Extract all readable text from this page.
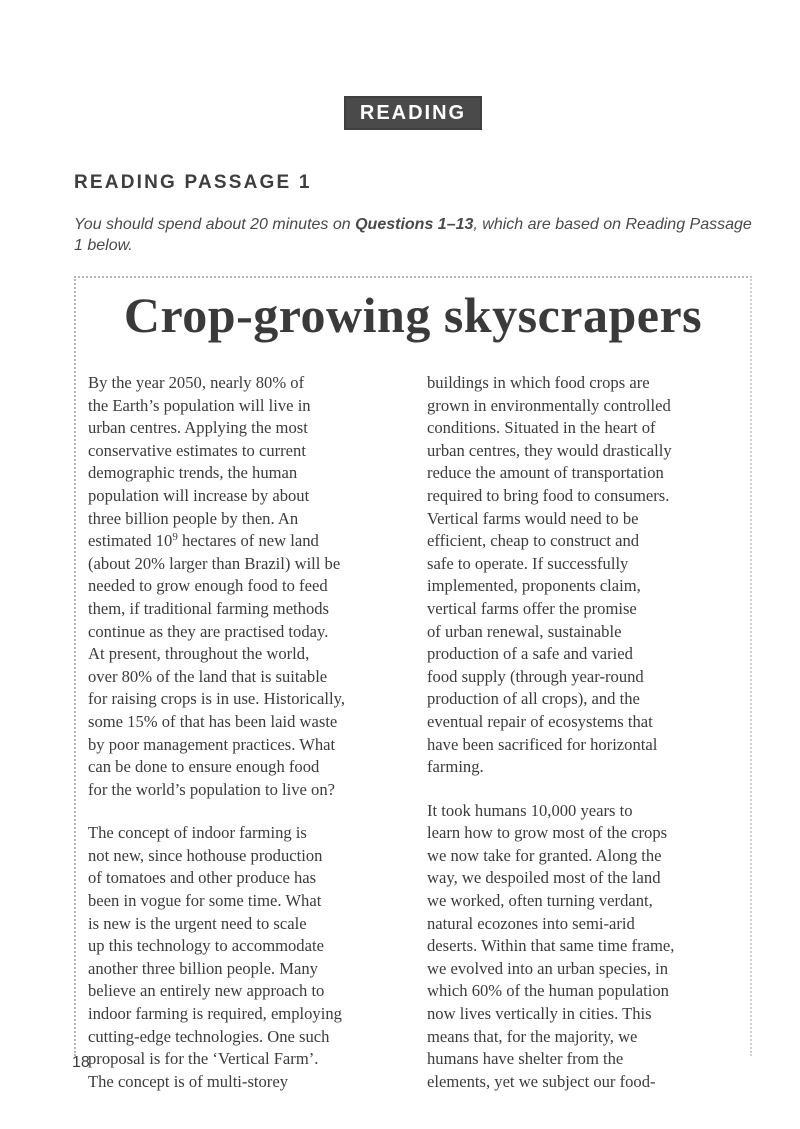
READING
READING PASSAGE 1

You should spend about 20 minutes on Questions 1–13, which are based on Reading Passage 1 below.

Crop-growing skyscrapers

By the year 2050, nearly 80% of
the Earth’s population will live in
urban centres. Applying the most
conservative estimates to current
demographic trends, the human
population will increase by about
three billion people by then. An
estimated $10^9$ hectares of new land
(about 20% larger than Brazil) will be
needed to grow enough food to feed
them, if traditional farming methods
continue as they are practised today.
At present, throughout the world,
over 80% of the land that is suitable
for raising crops is in use. Historically,
some 15% of that has been laid waste
by poor management practices. What
can be done to ensure enough food
for the world’s population to live on?

The concept of indoor farming is
not new, since hothouse production
of tomatoes and other produce has
been in vogue for some time. What
is new is the urgent need to scale
up this technology to accommodate
another three billion people. Many
believe an entirely new approach to
indoor farming is required, employing
cutting-edge technologies. One such
proposal is for the ‘Vertical Farm’.
The concept is of multi-storey

buildings in which food crops are
grown in environmentally controlled
conditions. Situated in the heart of
urban centres, they would drastically
reduce the amount of transportation
required to bring food to consumers.
Vertical farms would need to be
efficient, cheap to construct and
safe to operate. If successfully
implemented, proponents claim,
vertical farms offer the promise
of urban renewal, sustainable
production of a safe and varied
food supply (through year-round
production of all crops), and the
eventual repair of ecosystems that
have been sacrificed for horizontal
farming.

It took humans 10,000 years to
learn how to grow most of the crops
we now take for granted. Along the
way, we despoiled most of the land
we worked, often turning verdant,
natural ecozones into semi-arid
deserts. Within that same time frame,
we evolved into an urban species, in
which 60% of the human population
now lives vertically in cities. This
means that, for the majority, we
humans have shelter from the
elements, yet we subject our food-

18
